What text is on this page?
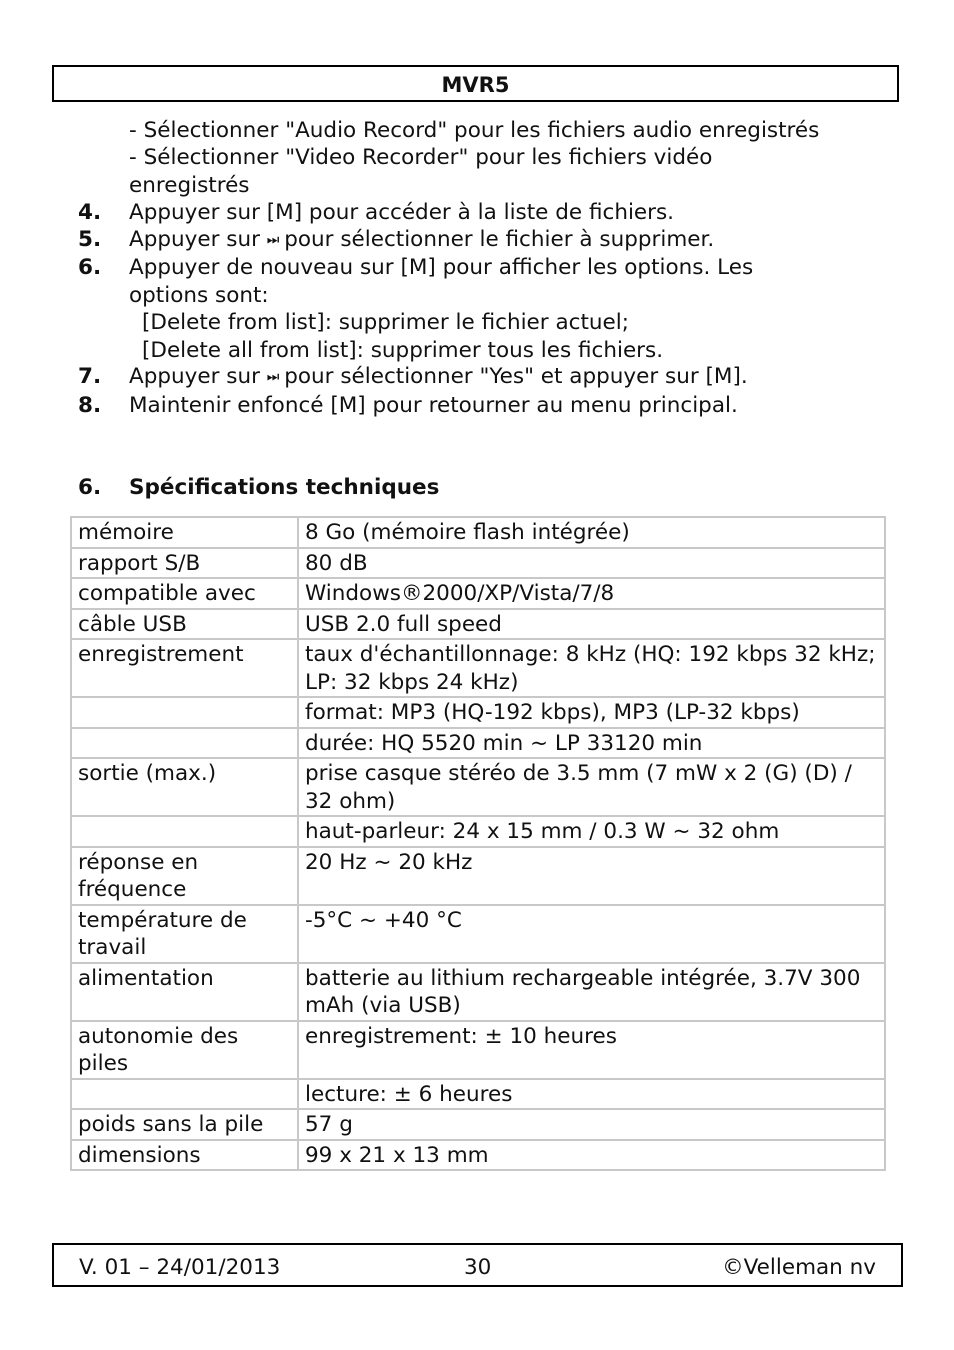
MVR5
- Sélectionner "Audio Record" pour les fichiers audio enregistrés
- Sélectionner "Video Recorder" pour les fichiers vidéo
enregistrés
4. Appuyer sur [M] pour accéder à la liste de fichiers.
5. Appuyer sur ⏭ pour sélectionner le fichier à supprimer.
6. Appuyer de nouveau sur [M] pour afficher les options. Les
options sont:
[Delete from list]: supprimer le fichier actuel;
[Delete all from list]: supprimer tous les fichiers.
7. Appuyer sur ⏭ pour sélectionner "Yes" et appuyer sur [M].
8. Maintenir enfoncé [M] pour retourner au menu principal.
6. Spécifications techniques
mémoire	8 Go (mémoire flash intégrée)
rapport S/B	80 dB
compatible avec	Windows®2000/XP/Vista/7/8
câble USB	USB 2.0 full speed
enregistrement	taux d'échantillonnage: 8 kHz (HQ: 192 kbps 32 kHz; LP: 32 kbps 24 kHz)
	format: MP3 (HQ-192 kbps), MP3 (LP-32 kbps)
	durée: HQ 5520 min ~ LP 33120 min
sortie (max.)	prise casque stéréo de 3.5 mm (7 mW x 2 (G) (D) / 32 ohm)
	haut-parleur: 24 x 15 mm / 0.3 W ~ 32 ohm
réponse en fréquence	20 Hz ~ 20 kHz
température de travail	-5°C ~ +40 °C
alimentation	batterie au lithium rechargeable intégrée, 3.7V 300 mAh (via USB)
autonomie des piles	enregistrement: ± 10 heures
	lecture: ± 6 heures
poids sans la pile	57 g
dimensions	99 x 21 x 13 mm
V. 01 – 24/01/2013	30	©Velleman nv
